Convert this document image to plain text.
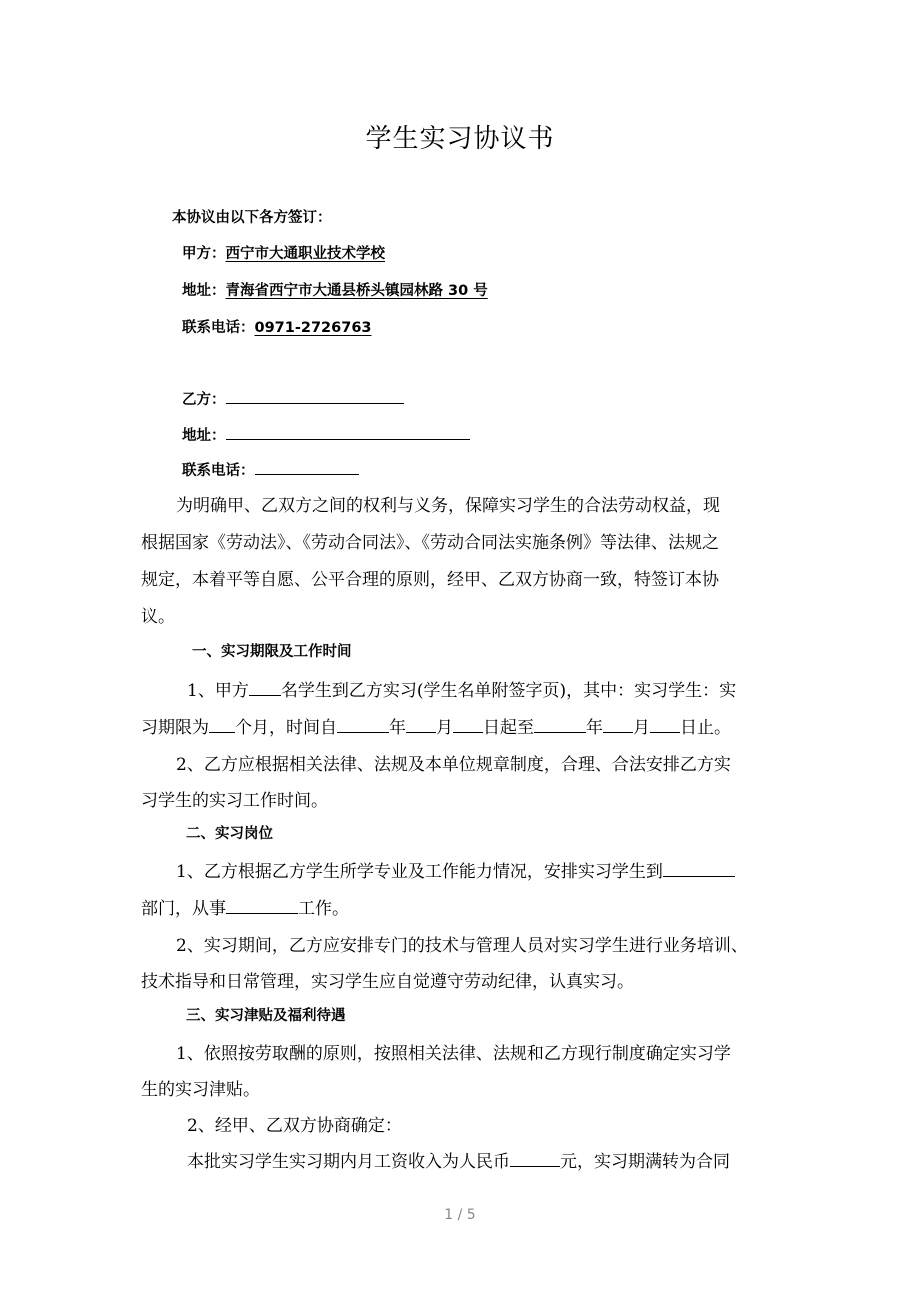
学生实习协议书
本协议由以下各方签订：
甲方：西宁市大通职业技术学校
地址：青海省西宁市大通县桥头镇园林路 30 号
联系电话：0971-2726763
乙方：
地址：
联系电话：
为明确甲、乙双方之间的权利与义务，保障实习学生的合法劳动权益，现
根据国家《劳动法》、《劳动合同法》、《劳动合同法实施条例》等法律、法规之
规定，本着平等自愿、公平合理的原则，经甲、乙双方协商一致，特签订本协
议。
一、实习期限及工作时间
1、甲方 名学生到乙方实习(学生名单附签字页)，其中：实习学生：实
习期限为 个月，时间自	年 月 日起至	年 月 日止。
2、乙方应根据相关法律、法规及本单位规章制度，合理、合法安排乙方实
习学生的实习工作时间。
二、实习岗位
1、乙方根据乙方学生所学专业及工作能力情况，安排实习学生到
部门，从事	工作。
2、实习期间，乙方应安排专门的技术与管理人员对实习学生进行业务培训、
技术指导和日常管理，实习学生应自觉遵守劳动纪律，认真实习。
三、实习津贴及福利待遇
1、依照按劳取酬的原则，按照相关法律、法规和乙方现行制度确定实习学
生的实习津贴。
2、经甲、乙双方协商确定：
本批实习学生实习期内月工资收入为人民币	元，实习期满转为合同
1 / 5
